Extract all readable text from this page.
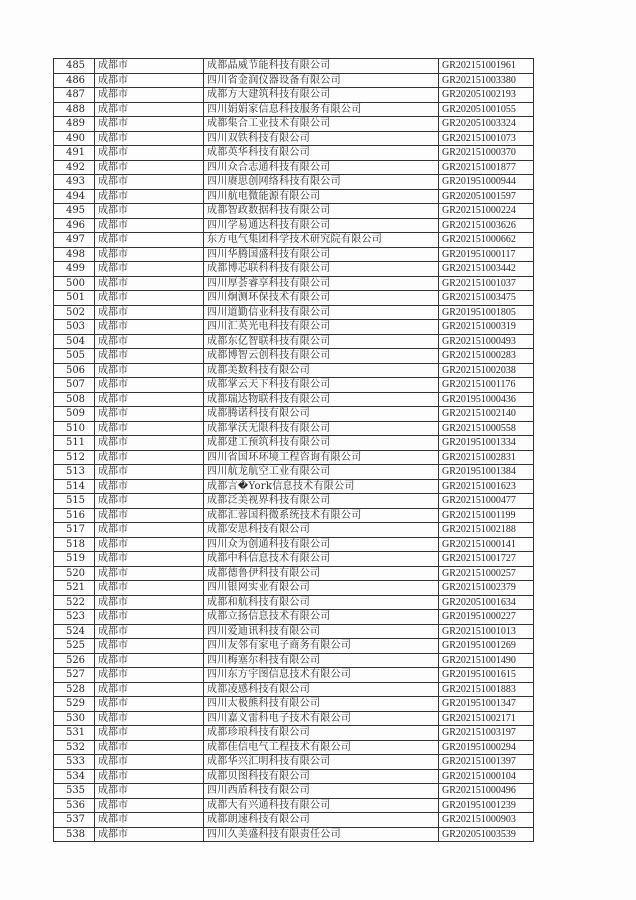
485	成都市	成都晶威节能科技有限公司	GR202151001961
486	成都市	四川省金润仪器设备有限公司	GR202151003380
487	成都市	成都方大建筑科技有限公司	GR202051002193
488	成都市	四川娟娟家信息科技服务有限公司	GR202051001055
489	成都市	成都集合工业技术有限公司	GR202051003324
490	成都市	四川双铁科技有限公司	GR202151001073
491	成都市	成都英华科技有限公司	GR202151000370
492	成都市	四川众合志通科技有限公司	GR202151001877
493	成都市	四川赓思创网络科技有限公司	GR201951000944
494	成都市	四川航电微能源有限公司	GR202051001597
495	成都市	成都智政数据科技有限公司	GR202151000224
496	成都市	四川学易通达科技有限公司	GR202151003626
497	成都市	东方电气集团科学技术研究院有限公司	GR202151000662
498	成都市	四川华腾国盛科技有限公司	GR201951000117
499	成都市	成都博芯联科科技有限公司	GR202151003442
500	成都市	四川厚荟睿享科技有限公司	GR202151001037
501	成都市	四川炯测环保技术有限公司	GR202151003475
502	成都市	四川道勤信业科技有限公司	GR201951001805
503	成都市	四川汇英光电科技有限公司	GR202151000319
504	成都市	成都东亿智联科技有限公司	GR202151000493
505	成都市	成都博智云创科技有限公司	GR202151000283
506	成都市	成都美数科技有限公司	GR202151002038
507	成都市	成都掌云天下科技有限公司	GR202151001176
508	成都市	成都瑞达物联科技有限公司	GR201951000436
509	成都市	成都腾诺科技有限公司	GR202151002140
510	成都市	成都掌沃无限科技有限公司	GR202151000558
511	成都市	成都建工预筑科技有限公司	GR201951001334
512	成都市	四川省国环环境工程咨询有限公司	GR202151002831
513	成都市	四川航龙航空工业有限公司	GR201951001384
514	成都市	成都言�York信息技术有限公司	GR202151001623
515	成都市	成都泛美视界科技有限公司	GR202151000477
516	成都市	成都汇蓉国科微系统技术有限公司	GR202151001199
517	成都市	成都安思科技有限公司	GR202151002188
518	成都市	四川众为创通科技有限公司	GR202151000141
519	成都市	成都中科信息技术有限公司	GR202151001727
520	成都市	成都德鲁伊科技有限公司	GR202151000257
521	成都市	四川银网实业有限公司	GR202151002379
522	成都市	成都和航科技有限公司	GR202051001634
523	成都市	成都立扬信息技术有限公司	GR201951000227
524	成都市	四川爱迪讯科技有限公司	GR202151001013
525	成都市	四川友邻有家电子商务有限公司	GR201951001269
526	成都市	四川梅塞尔科技有限公司	GR202151001490
527	成都市	四川东方宇图信息技术有限公司	GR201951001615
528	成都市	成都凌感科技有限公司	GR202151001883
529	成都市	四川太极熊科技有限公司	GR201951001347
530	成都市	四川嘉义雷科电子技术有限公司	GR202151002171
531	成都市	成都珍琅科技有限公司	GR202151003197
532	成都市	成都佳信电气工程技术有限公司	GR201951000294
533	成都市	成都华兴汇明科技有限公司	GR202151001397
534	成都市	成都贝图科技有限公司	GR202151000104
535	成都市	四川西盾科技有限公司	GR202151000496
536	成都市	成都大有兴通科技有限公司	GR201951001239
537	成都市	成都朗速科技有限公司	GR202151000903
538	成都市	四川久美盛科技有限责任公司	GR202051003539
